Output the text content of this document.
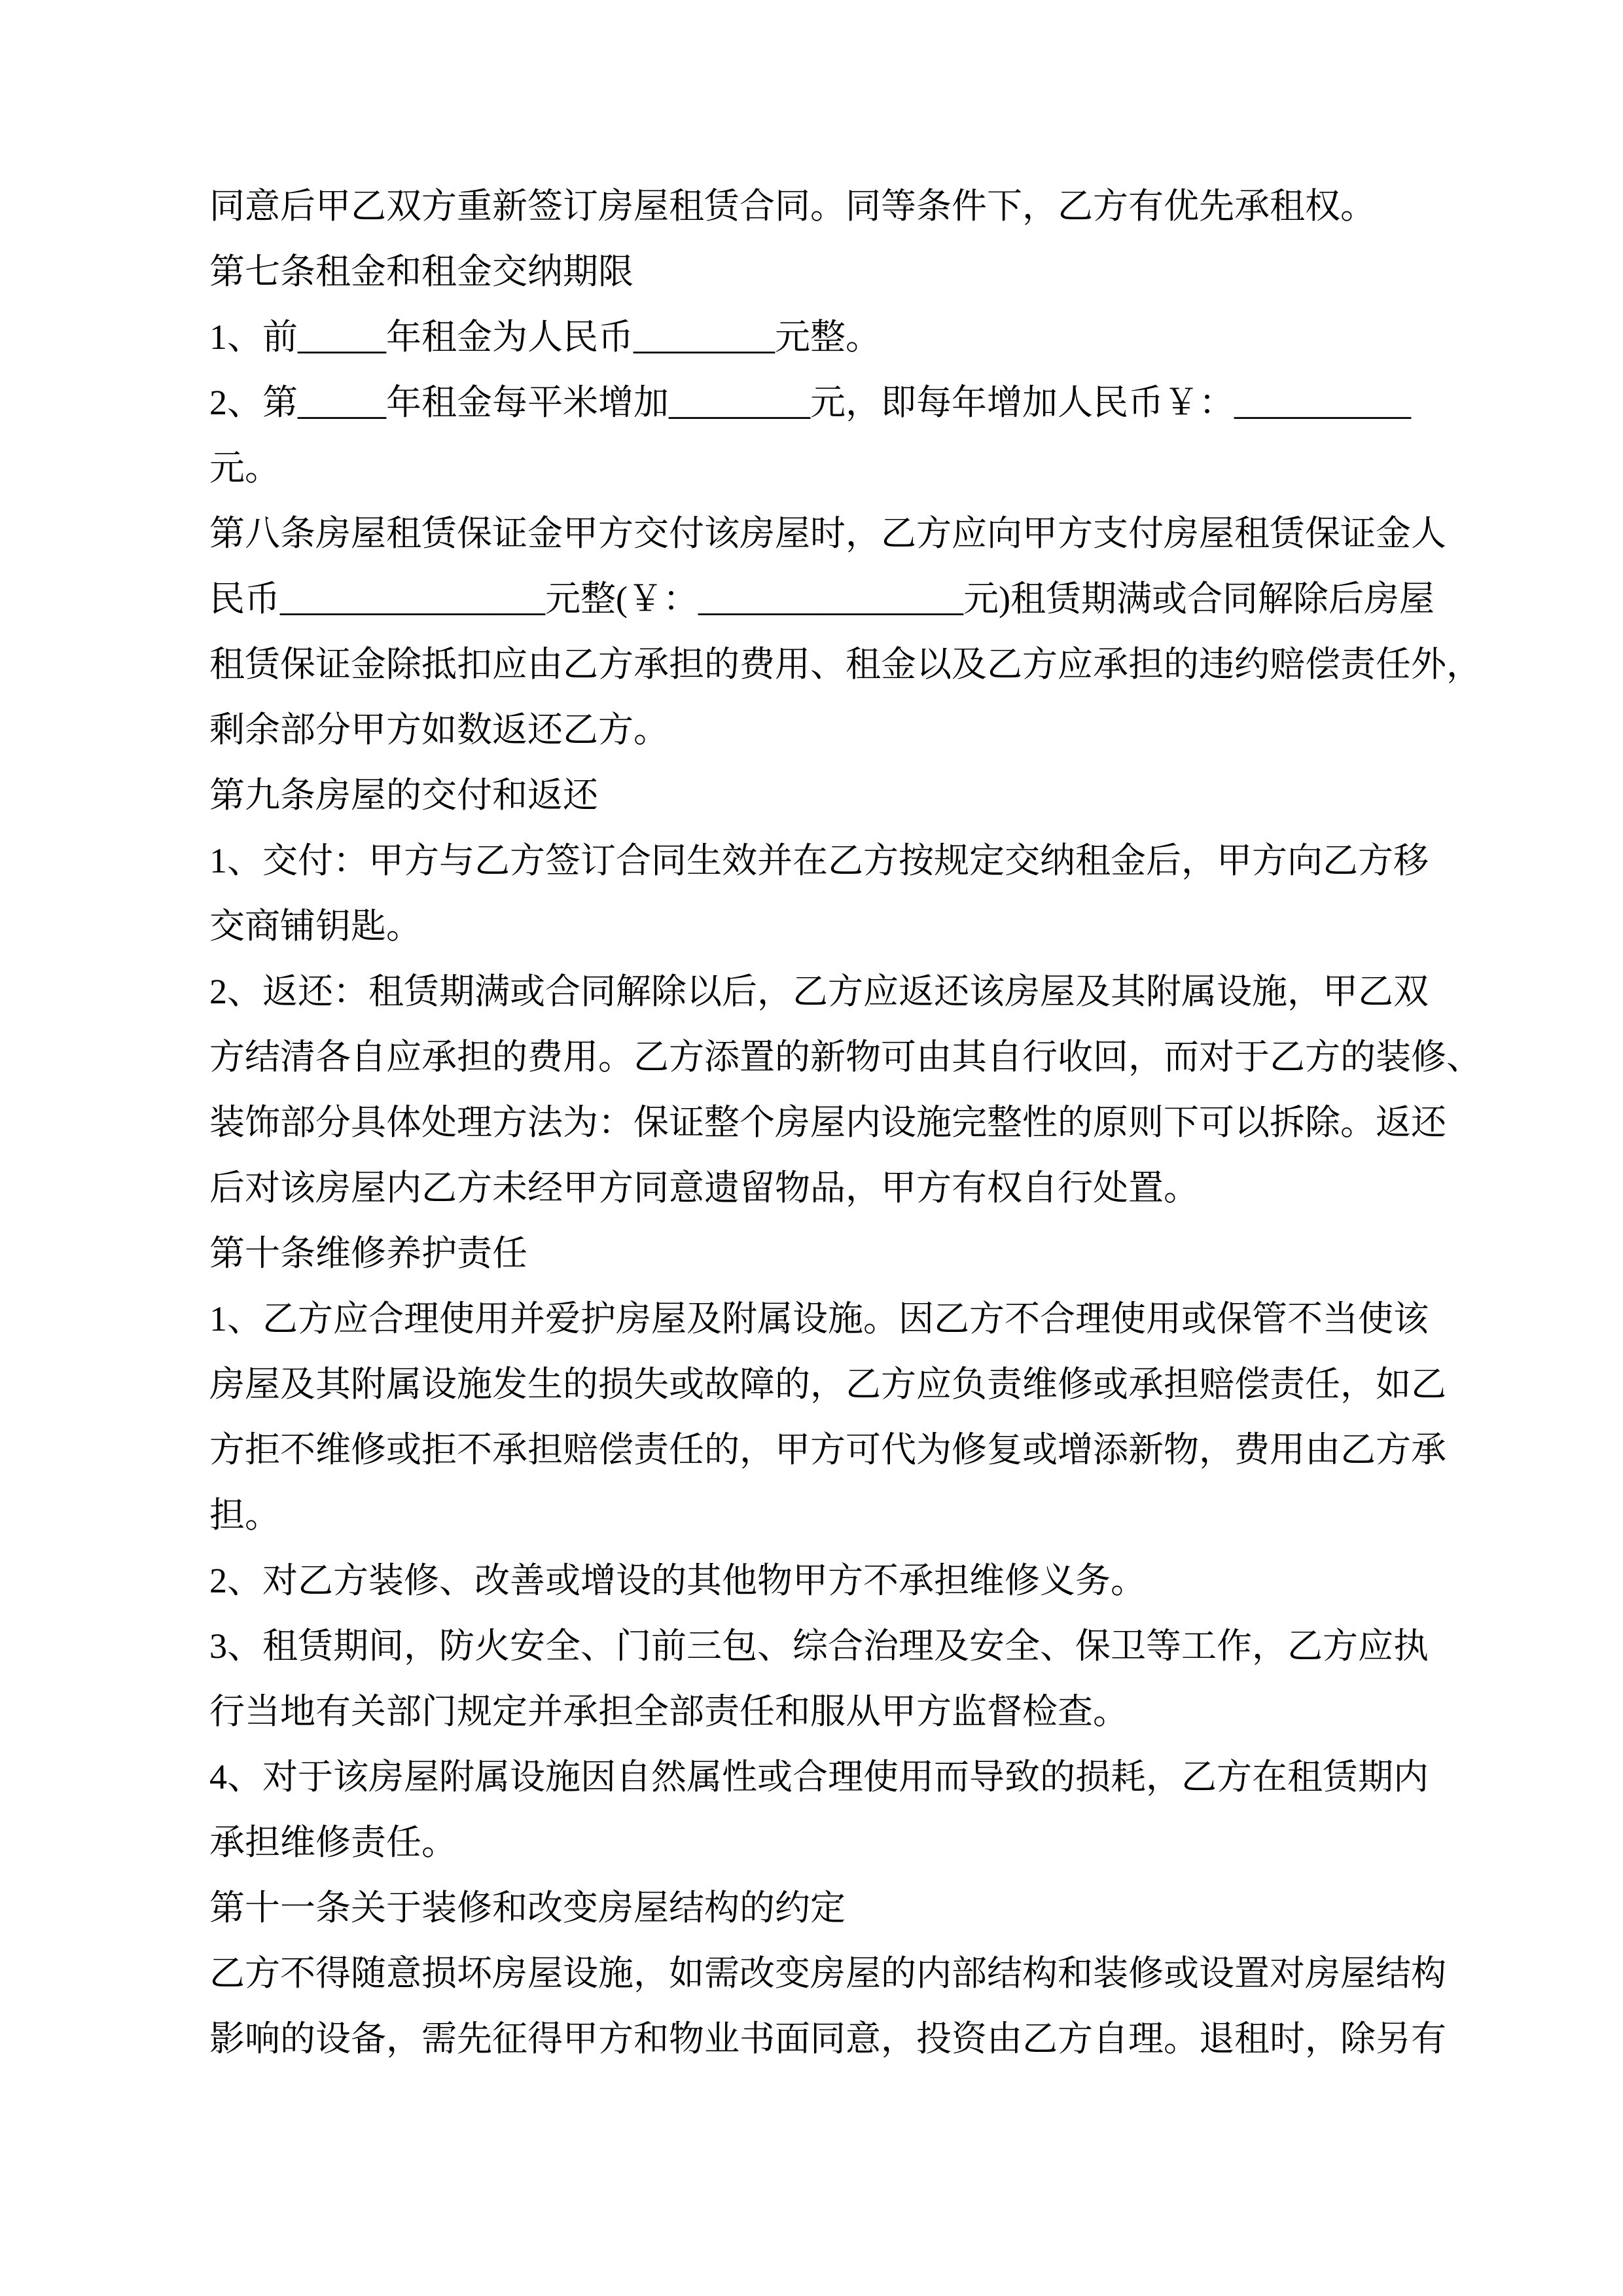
同意后甲乙双方重新签订房屋租赁合同。同等条件下，乙方有优先承租权。
第七条租金和租金交纳期限
1、前_____年租金为人民币________元整。
2、第_____年租金每平米增加________元，即每年增加人民币￥：__________
元。
第八条房屋租赁保证金甲方交付该房屋时，乙方应向甲方支付房屋租赁保证金人
民币_______________元整(￥：_______________元)租赁期满或合同解除后房屋
租赁保证金除抵扣应由乙方承担的费用、租金以及乙方应承担的违约赔偿责任外，
剩余部分甲方如数返还乙方。
第九条房屋的交付和返还
1、交付：甲方与乙方签订合同生效并在乙方按规定交纳租金后，甲方向乙方移
交商铺钥匙。
2、返还：租赁期满或合同解除以后，乙方应返还该房屋及其附属设施，甲乙双
方结清各自应承担的费用。乙方添置的新物可由其自行收回，而对于乙方的装修、
装饰部分具体处理方法为：保证整个房屋内设施完整性的原则下可以拆除。返还
后对该房屋内乙方未经甲方同意遗留物品，甲方有权自行处置。
第十条维修养护责任
1、乙方应合理使用并爱护房屋及附属设施。因乙方不合理使用或保管不当使该
房屋及其附属设施发生的损失或故障的，乙方应负责维修或承担赔偿责任，如乙
方拒不维修或拒不承担赔偿责任的，甲方可代为修复或增添新物，费用由乙方承
担。
2、对乙方装修、改善或增设的其他物甲方不承担维修义务。
3、租赁期间，防火安全、门前三包、综合治理及安全、保卫等工作，乙方应执
行当地有关部门规定并承担全部责任和服从甲方监督检查。
4、对于该房屋附属设施因自然属性或合理使用而导致的损耗，乙方在租赁期内
承担维修责任。
第十一条关于装修和改变房屋结构的约定
乙方不得随意损坏房屋设施，如需改变房屋的内部结构和装修或设置对房屋结构
影响的设备，需先征得甲方和物业书面同意，投资由乙方自理。退租时，除另有
